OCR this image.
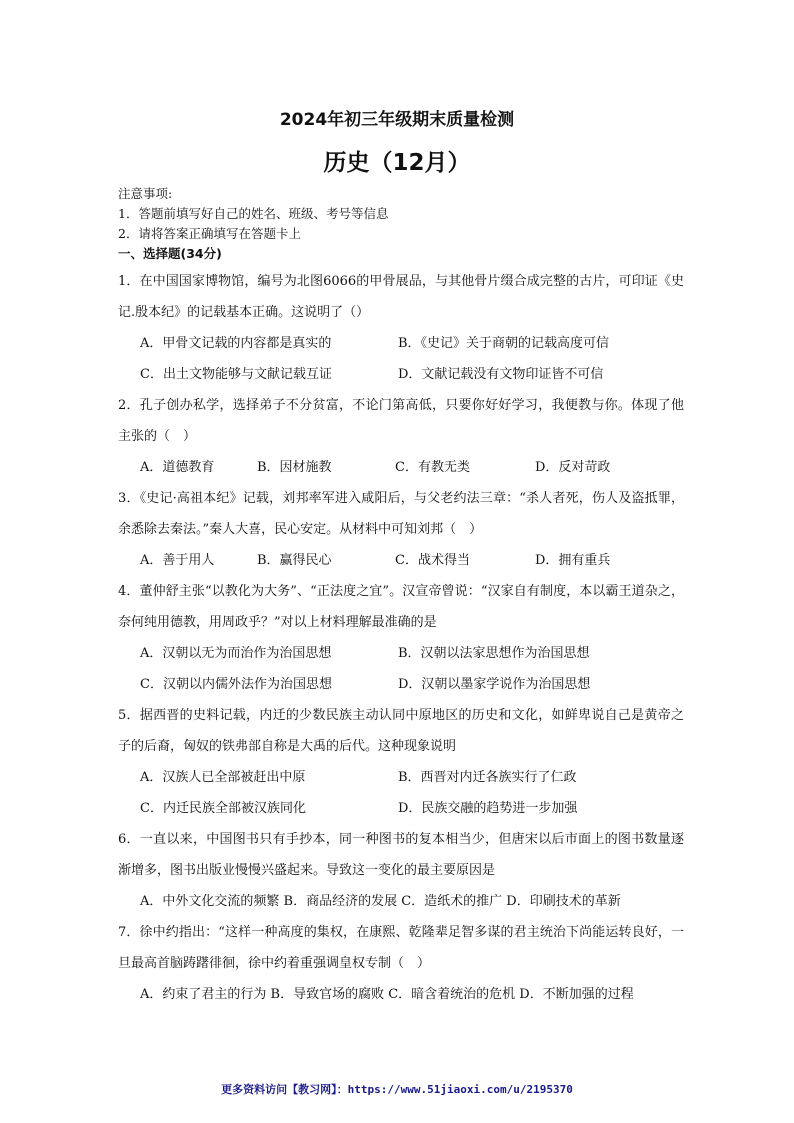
2024年初三年级期末质量检测
历史（12月）
注意事项:
1．答题前填写好自己的姓名、班级、考号等信息
2．请将答案正确填写在答题卡上
一、选择题(34分)
1．在中国国家博物馆，编号为北图6066的甲骨展品，与其他骨片缀合成完整的古片，可印证《史记.殷本纪》的记载基本正确。这说明了（）
A．甲骨文记载的内容都是真实的	B．《史记》关于商朝的记载高度可信
C．出土文物能够与文献记载互证	D．文献记载没有文物印证皆不可信
2．孔子创办私学，选择弟子不分贫富，不论门第高低，只要你好好学习，我便教与你。体现了他主张的（　）
A．道德教育	B．因材施教	C．有教无类	D．反对苛政
3．《史记·高祖本纪》记载，刘邦率军进入咸阳后，与父老约法三章：“杀人者死，伤人及盗抵罪，余悉除去秦法。”秦人大喜，民心安定。从材料中可知刘邦（　）
A．善于用人	B．赢得民心	C．战术得当	D．拥有重兵
4．董仲舒主张“以教化为大务”、“正法度之宜”。汉宣帝曾说：“汉家自有制度，本以霸王道杂之，奈何纯用德教，用周政乎？”对以上材料理解最准确的是
A．汉朝以无为而治作为治国思想	B．汉朝以法家思想作为治国思想
C．汉朝以内儒外法作为治国思想	D．汉朝以墨家学说作为治国思想
5．据西晋的史料记载，内迁的少数民族主动认同中原地区的历史和文化，如鲜卑说自己是黄帝之子的后裔，匈奴的铁弗部自称是大禹的后代。这种现象说明
A．汉族人已全部被赶出中原	B．西晋对内迁各族实行了仁政
C．内迁民族全部被汉族同化	D．民族交融的趋势进一步加强
6．一直以来，中国图书只有手抄本，同一种图书的复本相当少，但唐宋以后市面上的图书数量逐渐增多，图书出版业慢慢兴盛起来。导致这一变化的最主要原因是
A．中外文化交流的频繁 B．商品经济的发展 C．造纸术的推广 D．印刷技术的革新
7．徐中约指出：“这样一种高度的集权，在康熙、乾隆辈足智多谋的君主统治下尚能运转良好，一旦最高首脑踌躇徘徊，徐中约着重强调皇权专制（　）
A．约束了君主的行为 B．导致官场的腐败 C．暗含着统治的危机 D．不断加强的过程
更多资料访问【教习网】：https://www.51jiaoxi.com/u/2195370
